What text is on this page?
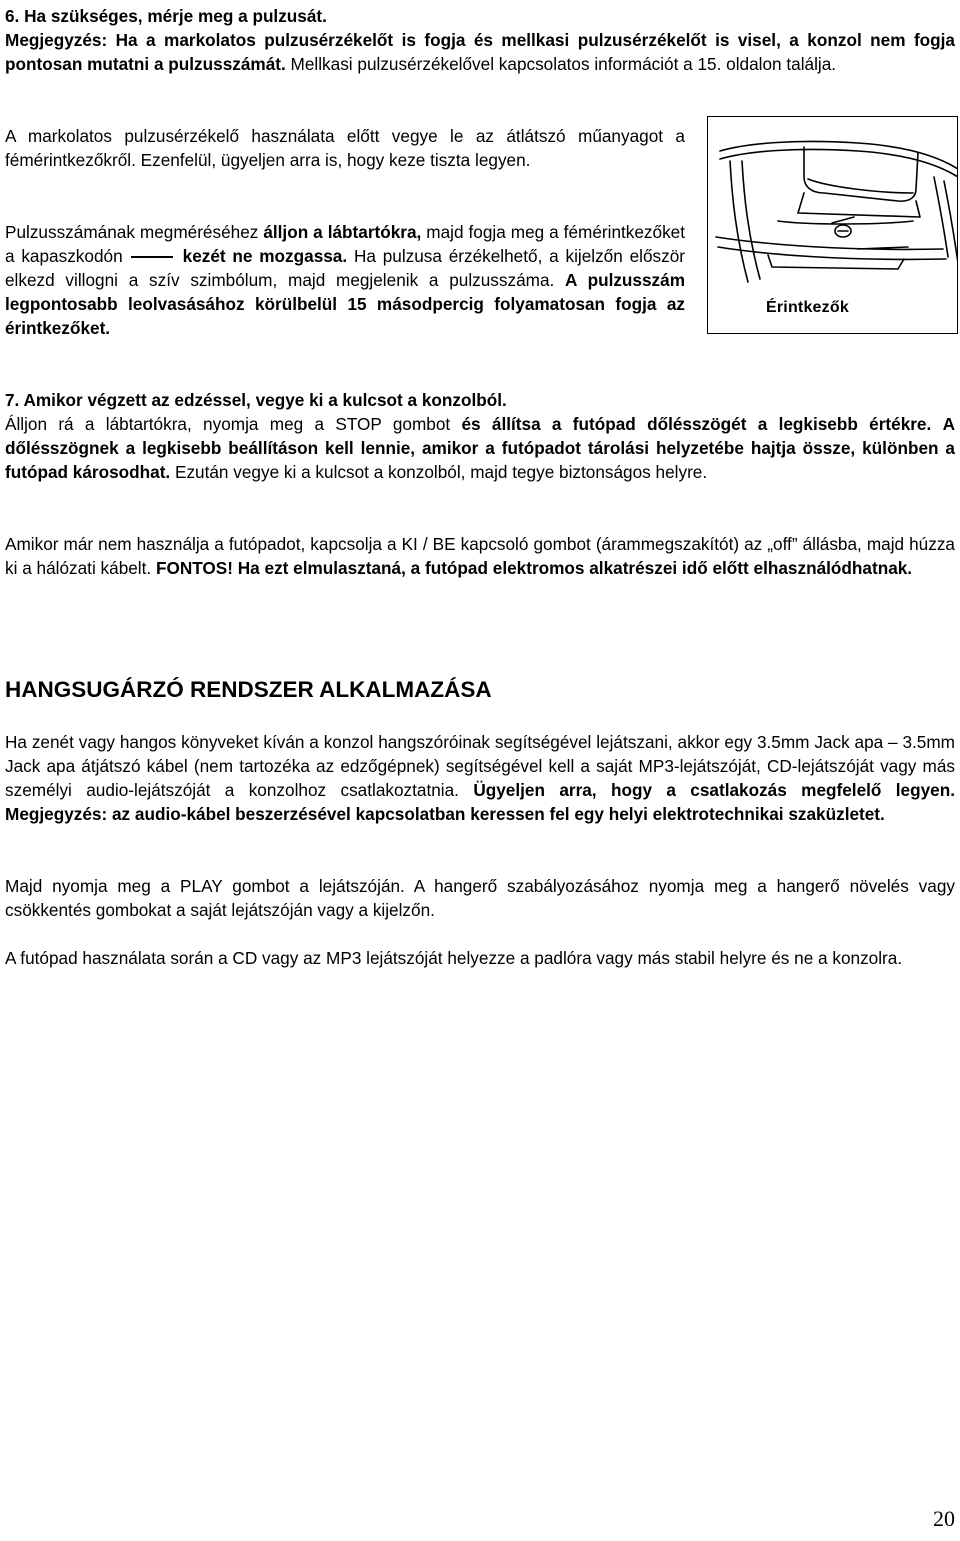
6. Ha szükséges, mérje meg a pulzusát.

Megjegyzés: Ha a markolatos pulzusérzékelőt is fogja és mellkasi pulzusérzékelőt is visel, a konzol nem fogja pontosan mutatni a pulzusszámát. Mellkasi pulzusérzékelővel kapcsolatos információt a 15. oldalon találja.

A markolatos pulzusérzékelő használata előtt vegye le az átlátszó műanyagot a fémérintkezőkről. Ezenfelül, ügyeljen arra is, hogy keze tiszta legyen.

Pulzusszámának megméréséhez álljon a lábtartókra, majd fogja meg a fémérintkezőket a kapaszkodón	kezét ne mozgassa. Ha pulzusa érzékelhető, a kijelzőn először elkezd villogni a szív szimbólum, majd megjelenik a pulzusszáma. A pulzusszám legpontosabb leolvasásához körülbelül 15 másodpercig folyamatosan fogja az érintkezőket.

Érintkezők

7. Amikor végzett az edzéssel, vegye ki a kulcsot a konzolból.

Álljon rá a lábtartókra, nyomja meg a STOP gombot és állítsa a futópad dőlésszögét a legkisebb értékre. A dőlésszögnek a legkisebb beállításon kell lennie, amikor a futópadot tárolási helyzetébe hajtja össze, különben a futópad károsodhat. Ezután vegye ki a kulcsot a konzolból, majd tegye biztonságos helyre.

Amikor már nem használja a futópadot, kapcsolja a KI / BE kapcsoló gombot (árammegszakítót) az „off” állásba, majd húzza ki a hálózati kábelt. FONTOS! Ha ezt elmulasztaná, a futópad elektromos alkatrészei idő előtt elhasználódhatnak.

HANGSUGÁRZÓ RENDSZER ALKALMAZÁSA

Ha zenét vagy hangos könyveket kíván a konzol hangszóróinak segítségével lejátszani, akkor egy 3.5mm Jack apa – 3.5mm Jack apa átjátszó kábel (nem tartozéka az edzőgépnek) segítségével kell a saját MP3-lejátszóját, CD-lejátszóját vagy más személyi audio-lejátszóját a konzolhoz csatlakoztatnia. Ügyeljen arra, hogy a csatlakozás megfelelő legyen. Megjegyzés: az audio-kábel beszerzésével kapcsolatban keressen fel egy helyi elektrotechnikai szaküzletet.

Majd nyomja meg a PLAY gombot a lejátszóján. A hangerő szabályozásához nyomja meg a hangerő növelés vagy csökkentés gombokat a saját lejátszóján vagy a kijelzőn.

A futópad használata során a CD vagy az MP3 lejátszóját helyezze a padlóra vagy más stabil helyre és ne a konzolra.

20
